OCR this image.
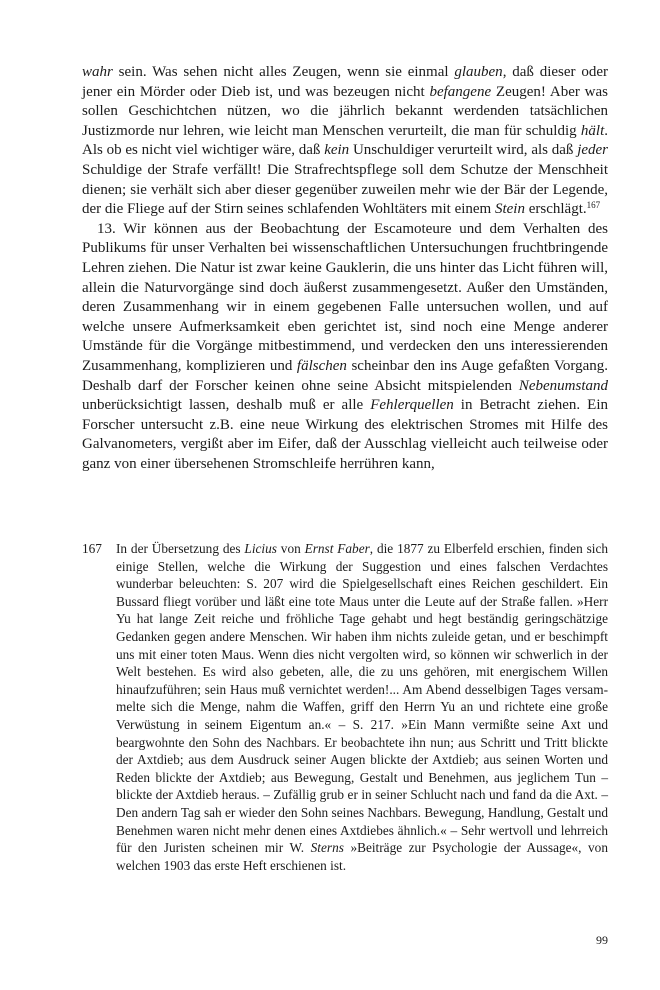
wahr sein. Was sehen nicht alles Zeugen, wenn sie einmal glauben, daß dieser oder jener ein Mörder oder Dieb ist, und was bezeugen nicht befangene Zeugen! Aber was sollen Geschichtchen nützen, wo die jährlich bekannt werdenden tatsächlichen Justizmorde nur lehren, wie leicht man Menschen verurteilt, die man für schuldig hält. Als ob es nicht viel wichtiger wäre, daß kein Unschuldiger verurteilt wird, als daß jeder Schuldige der Strafe verfällt! Die Strafrechtspflege soll dem Schutze der Menschheit dienen; sie verhält sich aber dieser gegenüber zuweilen mehr wie der Bär der Legende, der die Fliege auf der Stirn seines schlafenden Wohltäters mit einem Stein erschlägt.$^{167}$

13. Wir können aus der Beobachtung der Escamoteure und dem Verhalten des Publikums für unser Verhalten bei wissenschaftlichen Untersuchungen fruchtbringende Lehren ziehen. Die Natur ist zwar keine Gauklerin, die uns hinter das Licht führen will, allein die Naturvorgänge sind doch äußerst zusammengesetzt. Außer den Umständen, deren Zusammenhang wir in einem gegebenen Falle untersuchen wollen, und auf welche unsere Aufmerksamkeit eben gerichtet ist, sind noch eine Menge anderer Umstände für die Vorgänge mitbestimmend, und verdecken den uns interessierenden Zusammenhang, komplizieren und fälschen scheinbar den ins Auge gefaßten Vorgang. Deshalb darf der Forscher keinen ohne seine Absicht mitspielenden Nebenumstand unberücksichtigt lassen, deshalb muß er alle Fehlerquellen in Betracht ziehen. Ein Forscher untersucht z.B. eine neue Wirkung des elektrischen Stromes mit Hilfe des Galvanometers, vergißt aber im Eifer, daß der Ausschlag vielleicht auch teilweise oder ganz von einer übersehenen Stromschleife herrühren kann,

167	In der Übersetzung des Licius von Ernst Faber, die 1877 zu Elberfeld erschien, finden sich einige Stellen, welche die Wirkung der Suggestion und eines falschen Verdachtes wunderbar beleuchten: S. 207 wird die Spielgesellschaft eines Reichen geschildert. Ein Bussard fliegt vorüber und läßt eine tote Maus unter die Leute auf der Straße fallen. »Herr Yu hat lange Zeit reiche und fröhliche Tage gehabt und hegt beständig geringschätzige Gedanken gegen andere Menschen. Wir haben ihm nichts zuleide getan, und er beschimpft uns mit einer toten Maus. Wenn dies nicht vergolten wird, so können wir schwerlich in der Welt bestehen. Es wird also gebeten, alle, die zu uns gehören, mit energischem Willen hinaufzuführen; sein Haus muß vernichtet werden!... Am Abend desselbigen Tages versammelte sich die Menge, nahm die Waffen, griff den Herrn Yu an und richtete eine große Verwüstung in seinem Eigentum an.« – S. 217. »Ein Mann vermißte seine Axt und beargwohnte den Sohn des Nachbars. Er beobachtete ihn nun; aus Schritt und Tritt blickte der Axtdieb; aus dem Ausdruck seiner Augen blickte der Axtdieb; aus seinen Worten und Reden blickte der Axtdieb; aus Bewegung, Gestalt und Benehmen, aus jeglichem Tun – blickte der Axtdieb heraus. – Zufällig grub er in seiner Schlucht nach und fand da die Axt. – Den andern Tag sah er wieder den Sohn seines Nachbars. Bewegung, Handlung, Gestalt und Benehmen waren nicht mehr denen eines Axtdiebes ähnlich.« – Sehr wertvoll und lehrreich für den Juristen scheinen mir W. Sterns »Beiträge zur Psychologie der Aussage«, von welchen 1903 das erste Heft erschienen ist.
99
